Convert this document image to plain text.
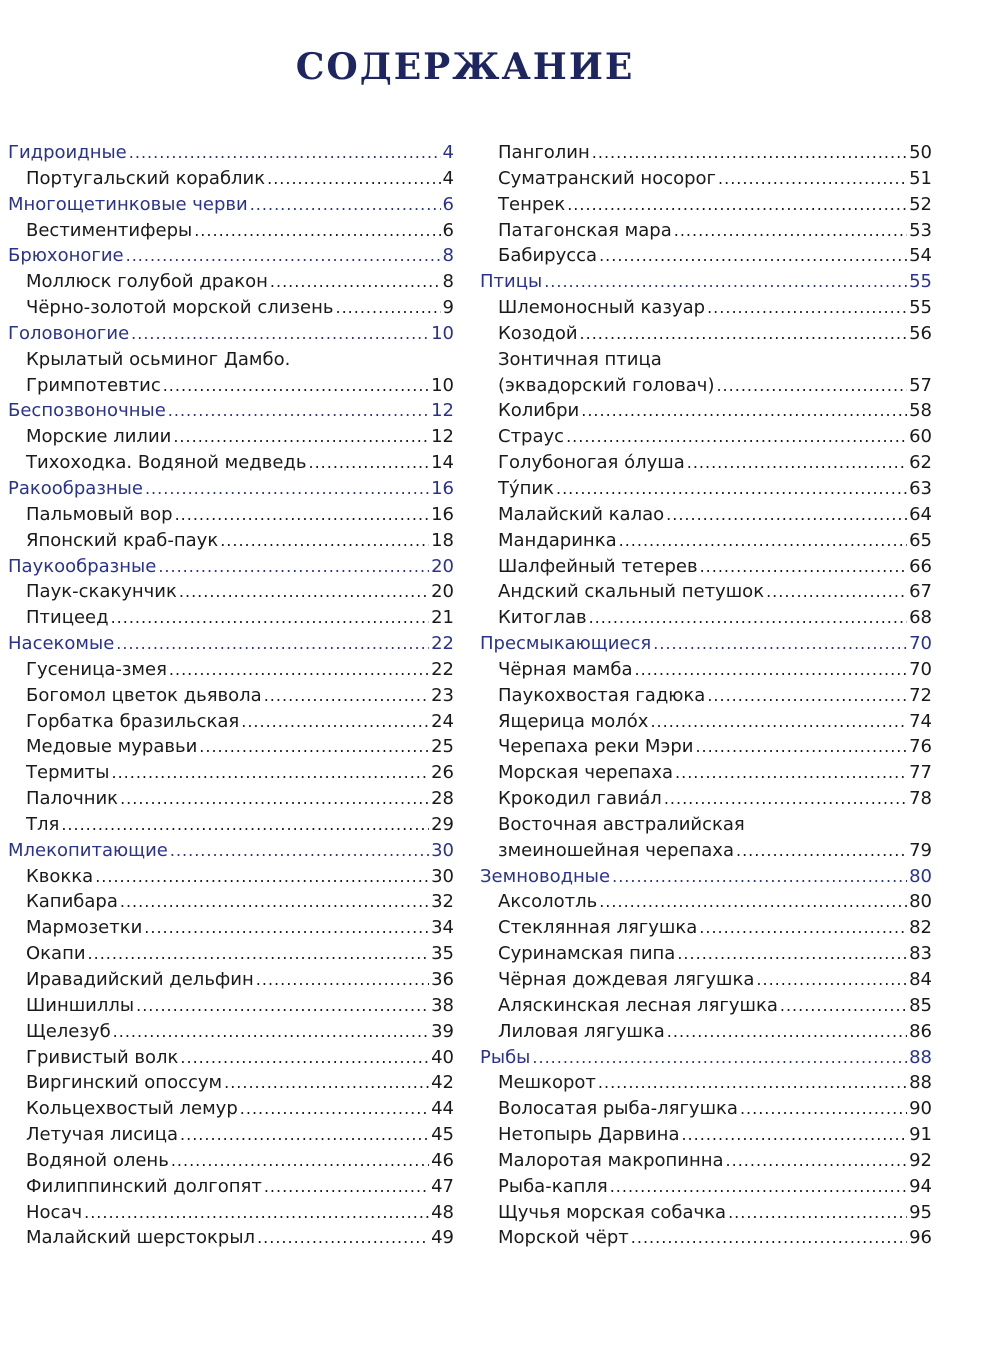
СОДЕРЖАНИЕ
Гидроидные .....	4
Португальский кораблик .....	4
Многощетинковые черви .....	6
Вестиментиферы .....	6
Брюхоногие .....	8
Моллюск голубой дракон .....	8
Чёрно-золотой морской слизень .....	9
Головоногие .....	10
Крылатый осьминог Дамбо.
Гримпотевтис .....	10
Беспозвоночные .....	12
Морские лилии .....	12
Тихоходка. Водяной медведь .....	14
Ракообразные .....	16
Пальмовый вор .....	16
Японский краб-паук .....	18
Паукообразные .....	20
Паук-скакунчик .....	20
Птицеед .....	21
Насекомые .....	22
Гусеница-змея .....	22
Богомол цветок дьявола .....	23
Горбатка бразильская .....	24
Медовые муравьи .....	25
Термиты .....	26
Палочник .....	28
Тля .....	29
Млекопитающие .....	30
Квокка .....	30
Капибара .....	32
Мармозетки .....	34
Окапи .....	35
Иравадийский дельфин .....	36
Шиншиллы .....	38
Щелезуб .....	39
Гривистый волк .....	40
Виргинский опоссум .....	42
Кольцехвостый лемур .....	44
Летучая лисица .....	45
Водяной олень .....	46
Филиппинский долгопят .....	47
Носач .....	48
Малайский шерстокрыл .....	49
Панголин .....	50
Суматранский носорог .....	51
Тенрек .....	52
Патагонская мара .....	53
Бабирусса .....	54
Птицы .....	55
Шлемоносный казуар .....	55
Козодой .....	56
Зонтичная птица
(эквадорский головач) .....	57
Колибри .....	58
Страус .....	60
Голубоногая óлуша .....	62
Тýпик .....	63
Малайский калао .....	64
Мандаринка .....	65
Шалфейный тетерев .....	66
Андский скальный петушок .....	67
Китоглав .....	68
Пресмыкающиеся .....	70
Чёрная мамба .....	70
Паукохвостая гадюка .....	72
Ящерица молóх .....	74
Черепаха реки Мэри .....	76
Морская черепаха .....	77
Крокодил гавиáл .....	78
Восточная австралийская
змеиношейная черепаха .....	79
Земноводные .....	80
Аксолотль .....	80
Стеклянная лягушка .....	82
Суринамская пипа .....	83
Чёрная дождевая лягушка .....	84
Аляскинская лесная лягушка .....	85
Лиловая лягушка .....	86
Рыбы .....	88
Мешкорот .....	88
Волосатая рыба-лягушка .....	90
Нетопырь Дарвина .....	91
Малоротая макропинна .....	92
Рыба-капля .....	94
Щучья морская собачка .....	95
Морской чёрт .....	96
